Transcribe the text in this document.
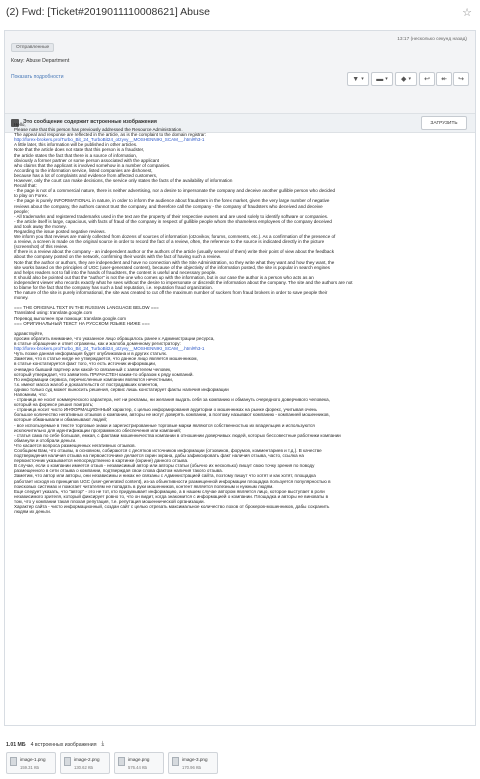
(2) Fwd: [Ticket#2019011110008621] Abuse	☆
Отправленные
13:17 (несколько секунд назад)
Кому: Abuse Department
Показать подробности	▼ ▾ ▬ ▾ ◆ ▾ ↩ ↞ ↪
Это сообщение содержит встроенные изображения	ЗАГРУЗИТЬ
Hello,
Please note that this person has previously addressed the Resource Administration.
The appeal and response are reflected in the article, as is the complaint to the domain registrar:
http://forex-brokers.pro/Turbo_Bit_24_TurboBit24_otzyvy__MOSHENNIKI_SCAM__.html#h3-1
A little later, this information will be published in other articles.
Note that the article does not state that this person is a fraudster,
the article states the fact that there is a source of information,
obviously a former partner or some person associated with the applicant
who claims that the applicant is involved somehow in a number of companies.
According to the information service, listed companies are dishonest,
because has a lot of complaints and evidence from affected customers,
However, only the court can make decisions, the service only states the facts of the availability of information
Recall that:
- the page is not of a commercial nature, there is neither advertising, nor a desire to impersonate the company and deceive another gullible person who decided
to play on Forex.
- the page is purely INFORMATIONAL in nature, in order to inform the audience about fraudsters in the forex market, given the very large number of negative
reviews about the company, the authors cannot trust the company, and therefore call the company - the company of fraudsters who deceived and deceive
people;
- All trademarks and registered trademarks used in the text are the property of their respective owners and are used solely to identify software or companies.
- the article itself is large, capacious, with facts of fraud of the company in respect of gullible people whom the shameless employees of the company deceived
and took away the money.
Regarding the issue posted negative reviews.
We inform you that reviews are mainly collected from dozens of sources of information (otzovikov, forums, comments, etc.). As a confirmation of the presence of
a review, a screen is made on the original source in order to record the fact of a review, often, the reference to the source is indicated directly in the picture
(screenshot) of this review.
If there is a review about the company - an independent author or the authors of the article (usually several of them) write their point of view about the feedback
about the company posted on the network, confirming their words with the fact of having such a review.
Note that the author or authors, they are independent and have no connection with the Site Administration, so they write what they want and how they want, the
site works based on the principles of UGC (user-generated content), because of the objectivity of the information posted, the site is popular in search engines
and helps readers not to fall into the hands of fraudsters, the content is useful and necessary people.
It should also be pointed out that the "author" is not the one who comes up with the information, but in our case the author is a person who acts as an
independent viewer who records exactly what he sees without the desire to impersonate or discredit the information about the company. The site and the authors are not
to blame for the fact that the company has such a bad reputation, i.e. reputation fraud organization.
The nature of the site is purely informational, the site was created to cut off the maximum number of suckers from fraud brokers in order to save people their
money.
=== THE ORIGINAL TEXT IN THE RUSSIAN LANGUAGE BELOW ===
Translated using: translate.google.com
Перевод выполнен при помощи: translate.google.com
=== ОРИГИНАЛЬНЫЙ ТЕКСТ НА РУССКОМ ЯЗЫКЕ НИЖЕ ===
здравствуйте,
просим обратить внимание, что указанное лицо обращалось ранее к Администрации ресурса,
в статье обращение и ответ отражены, как и жалоба доменному регистратору:
http://forex-brokers.pro/Turbo_Bit_24_TurboBit24_otzyvy__MOSHENNIKI_SCAM__.html#h3-1
Чуть позже данная информация будет опубликована и в других статьях.
Заметим, что в статье нигде не утверждается, что данное лицо является мошенником,
в статье констатируется факт того, что есть источник информации,
очевидно бывший партнер или какой-то связанный с заявителем человек,
который утверждает, что заявитель ПРИЧАСТЕН каким-то образом к ряду компаний.
По информации сервиса, перечисленные компании являются нечестными,
т.к. имеют масса жалоб и доказательств от пострадавших клиентов,
однако только суд может выносить решения, сервис лишь констатирует факты наличия информации
Напомним, что:
- страница не носит коммерческого характера, нет ни рекламы, ни желания выдать себя за компанию и обмануть очередного доверчивого человека,
который на форексе решил поиграть;
- страница носит чисто ИНФОРМАЦИОННЫЙ характер, с целью информирования аудитории о мошенниках на рынке форекс, учитывая очень
большое количество негативных отзывов о компании, авторы не могут доверять компании, а поэтому называют компанию - компанией мошенников,
которые обманывали и обманывают людей;
- все используемые в тексте торговые знаки и зарегистрированные торговые марки являются собственностью их владельцев и используются
исключительно для идентификации программного обеспечения или компаний;
- статья сама по себе большая, емкая, с фактами мошенничества компании в отношении доверчивых людей, которых бессовестные работники компании
обманули и отобрали деньги.
Что касается вопроса размещенных негативных отзывов.
Сообщаем Вам, что отзывы, в основном, собираются с десятков источников информации (отзовиков, форумов, комментариев и т.д.). В качестве
подтверждения наличия отзыва на первоисточнике делается скрин экрана, дабы зафиксировать факт наличия отзыва, часто, ссылка на
первоисточник указывается непосредственно в картинке (скрине) данного отзыва.
В случае, если о компании имеется отзыв - независимый автор или авторы статьи (обычно их несколько) пишут свою точку зрения по поводу
размещенного в сети отзыва о компании, подтверждая свои слова фактом наличия такого отзыва.
Заметим, что автор или авторы, они независимы и никак не связаны с Администрацией сайта, поэтому пишут что хотят и как хотят, площадка
работает исходя из принципов UGC (user-generated content), из-за объективности размещенной информации площадка пользуется популярностью в
поисковых системах и помогает читателям не попадать в руки мошенников, контент является полезным и нужным людям.
Еще следует указать, что "автор" - это не тот, кто придумывает информацию, а в нашем случае автором является лицо, которое выступает в роли
независимого зрителя, который фиксирует ровно то, что он видит, когда знакомится с информацией о компании. Площадка и авторы не виноваты в
том, что у компании такая плохая репутация, т.е. репутация мошеннической организации.
Характер сайта - чисто информационный, создан сайт с целью отрезать максимальное количество лохов от брокеров-мошенников, дабы сохранить
людям их деньги.
1.01 МБ 4 встроенных изображения ⤓
image-1.png
159.31 КБ
image-2.png
130.62 КБ
image.png
576.44 КБ
image-3.png
170.96 КБ
